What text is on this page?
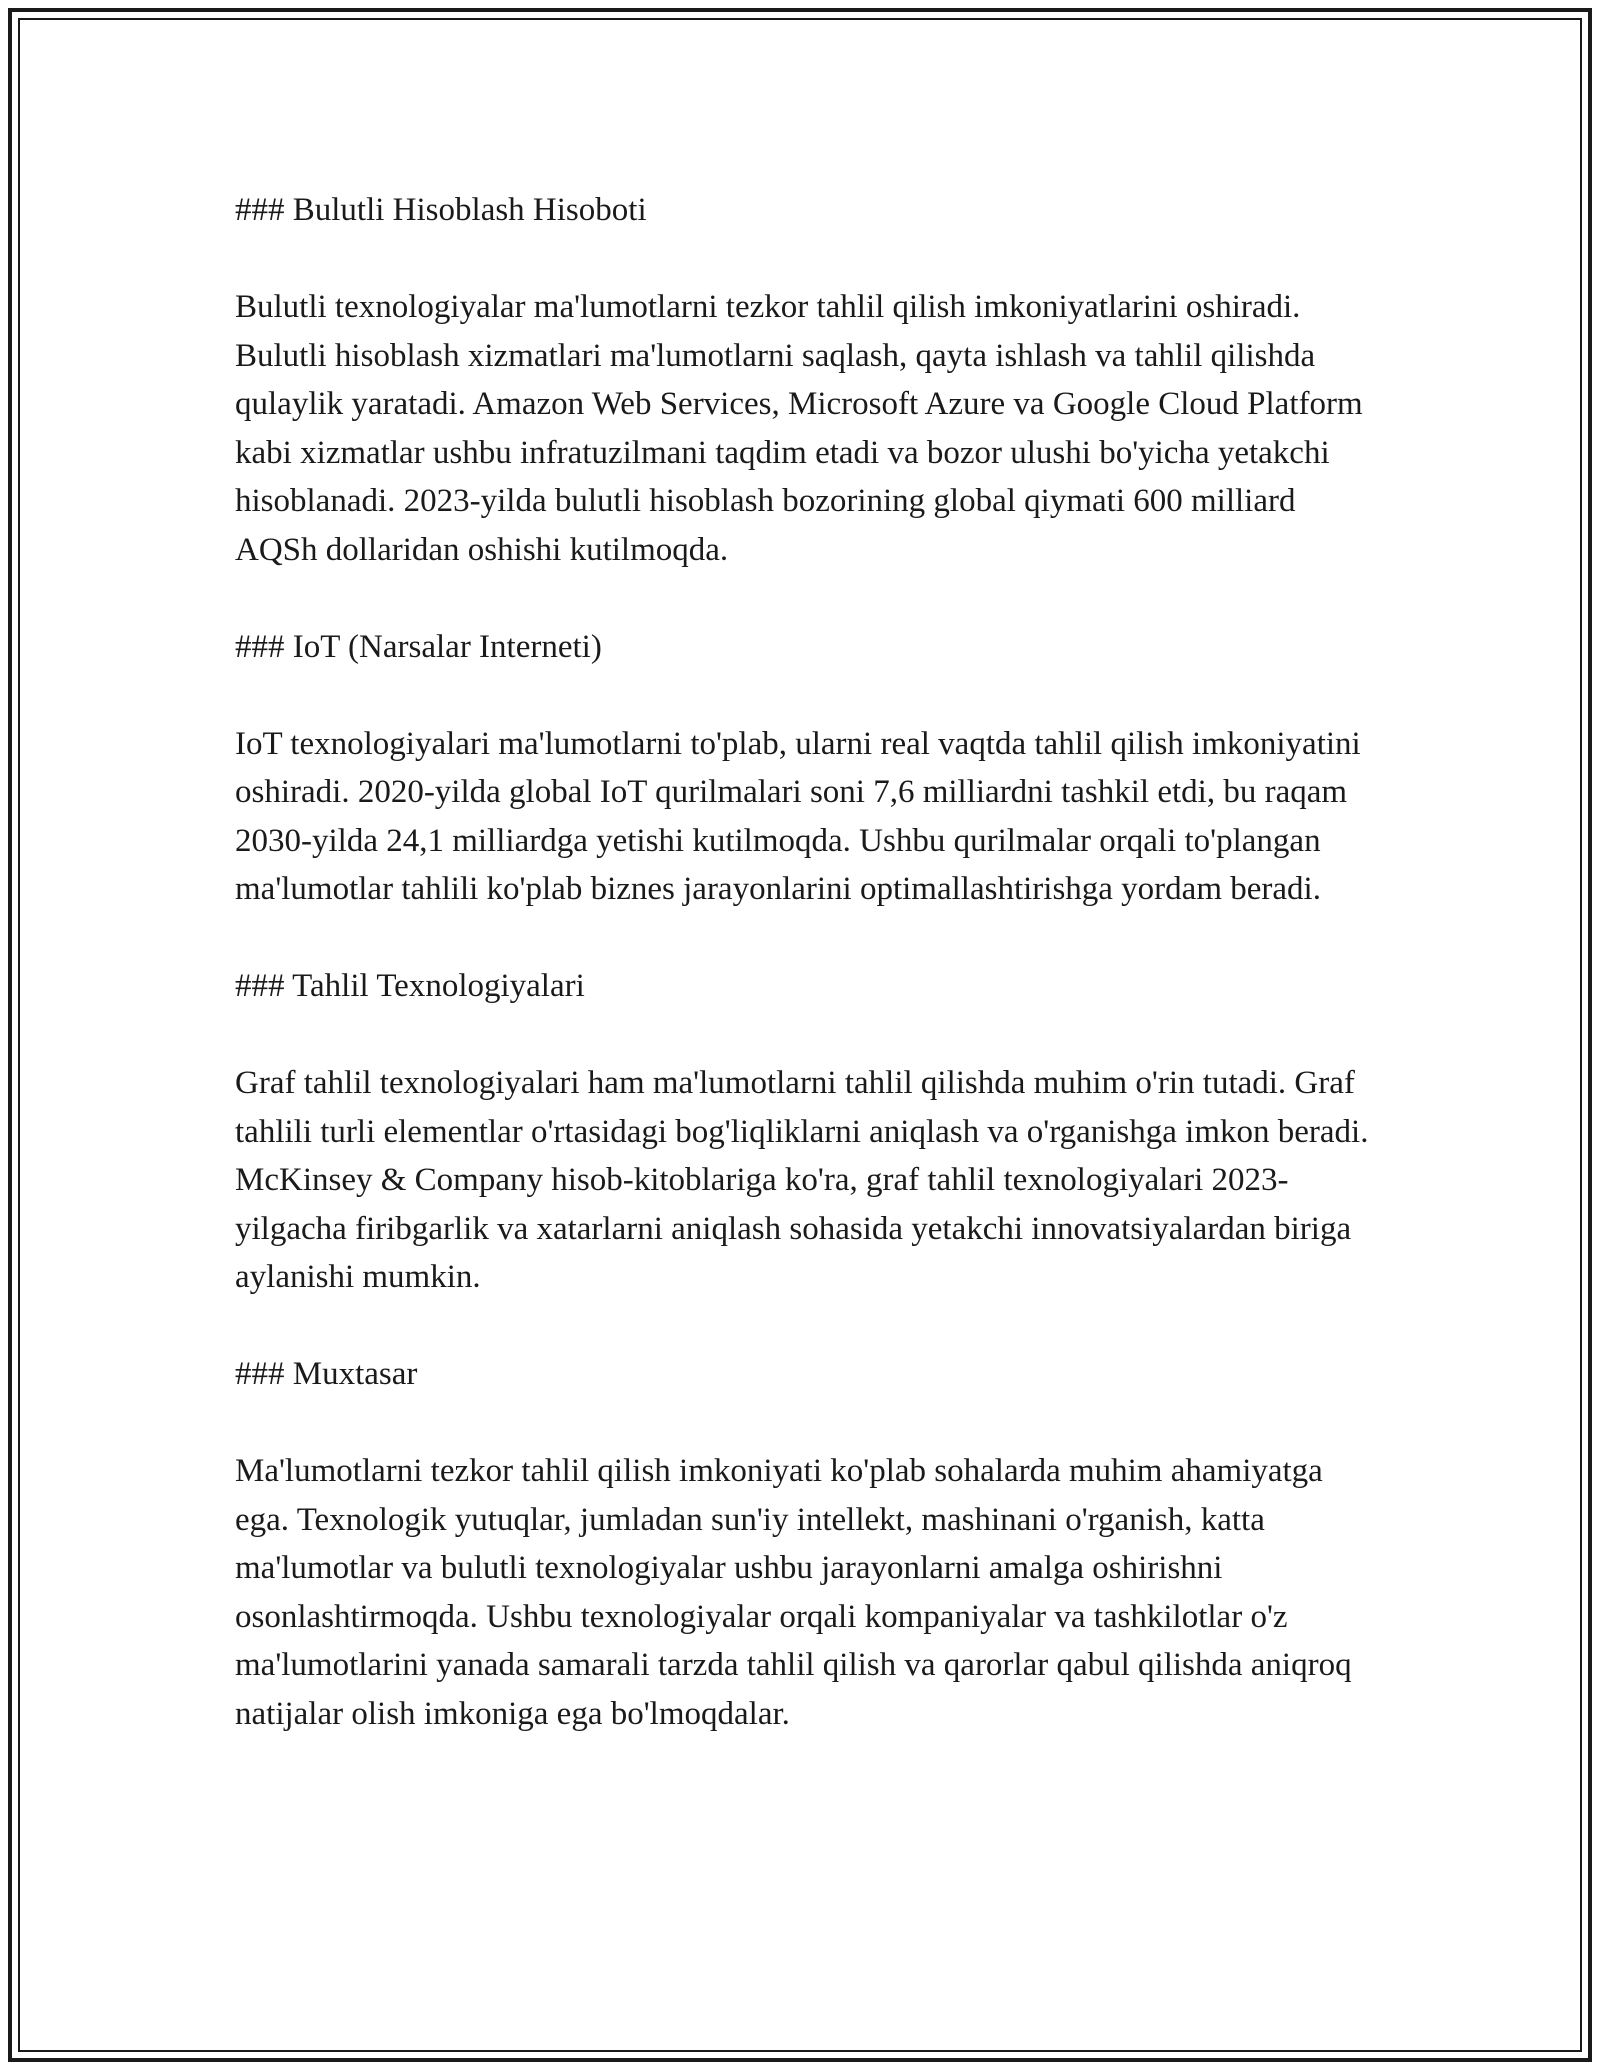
### Bulutli Hisoblash Hisoboti

Bulutli texnologiyalar ma'lumotlarni tezkor tahlil qilish imkoniyatlarini oshiradi. Bulutli hisoblash xizmatlari ma'lumotlarni saqlash, qayta ishlash va tahlil qilishda qulaylik yaratadi. Amazon Web Services, Microsoft Azure va Google Cloud Platform kabi xizmatlar ushbu infratuzilmani taqdim etadi va bozor ulushi bo'yicha yetakchi hisoblanadi. 2023-yilda bulutli hisoblash bozorining global qiymati 600 milliard AQSh dollaridan oshishi kutilmoqda.

### IoT (Narsalar Interneti)

IoT texnologiyalari ma'lumotlarni to'plab, ularni real vaqtda tahlil qilish imkoniyatini oshiradi. 2020-yilda global IoT qurilmalari soni 7,6 milliardni tashkil etdi, bu raqam 2030-yilda 24,1 milliardga yetishi kutilmoqda. Ushbu qurilmalar orqali to'plangan ma'lumotlar tahlili ko'plab biznes jarayonlarini optimallashtirishga yordam beradi.

### Tahlil Texnologiyalari

Graf tahlil texnologiyalari ham ma'lumotlarni tahlil qilishda muhim o'rin tutadi. Graf tahlili turli elementlar o'rtasidagi bog'liqliklarni aniqlash va o'rganishga imkon beradi. McKinsey & Company hisob-kitoblariga ko'ra, graf tahlil texnologiyalari 2023-yilgacha firibgarlik va xatarlarni aniqlash sohasida yetakchi innovatsiyalardan biriga aylanishi mumkin.

### Muxtasar

Ma'lumotlarni tezkor tahlil qilish imkoniyati ko'plab sohalarda muhim ahamiyatga ega. Texnologik yutuqlar, jumladan sun'iy intellekt, mashinani o'rganish, katta ma'lumotlar va bulutli texnologiyalar ushbu jarayonlarni amalga oshirishni osonlashtirmoqda. Ushbu texnologiyalar orqali kompaniyalar va tashkilotlar o'z ma'lumotlarini yanada samarali tarzda tahlil qilish va qarorlar qabul qilishda aniqroq natijalar olish imkoniga ega bo'lmoqdalar.
